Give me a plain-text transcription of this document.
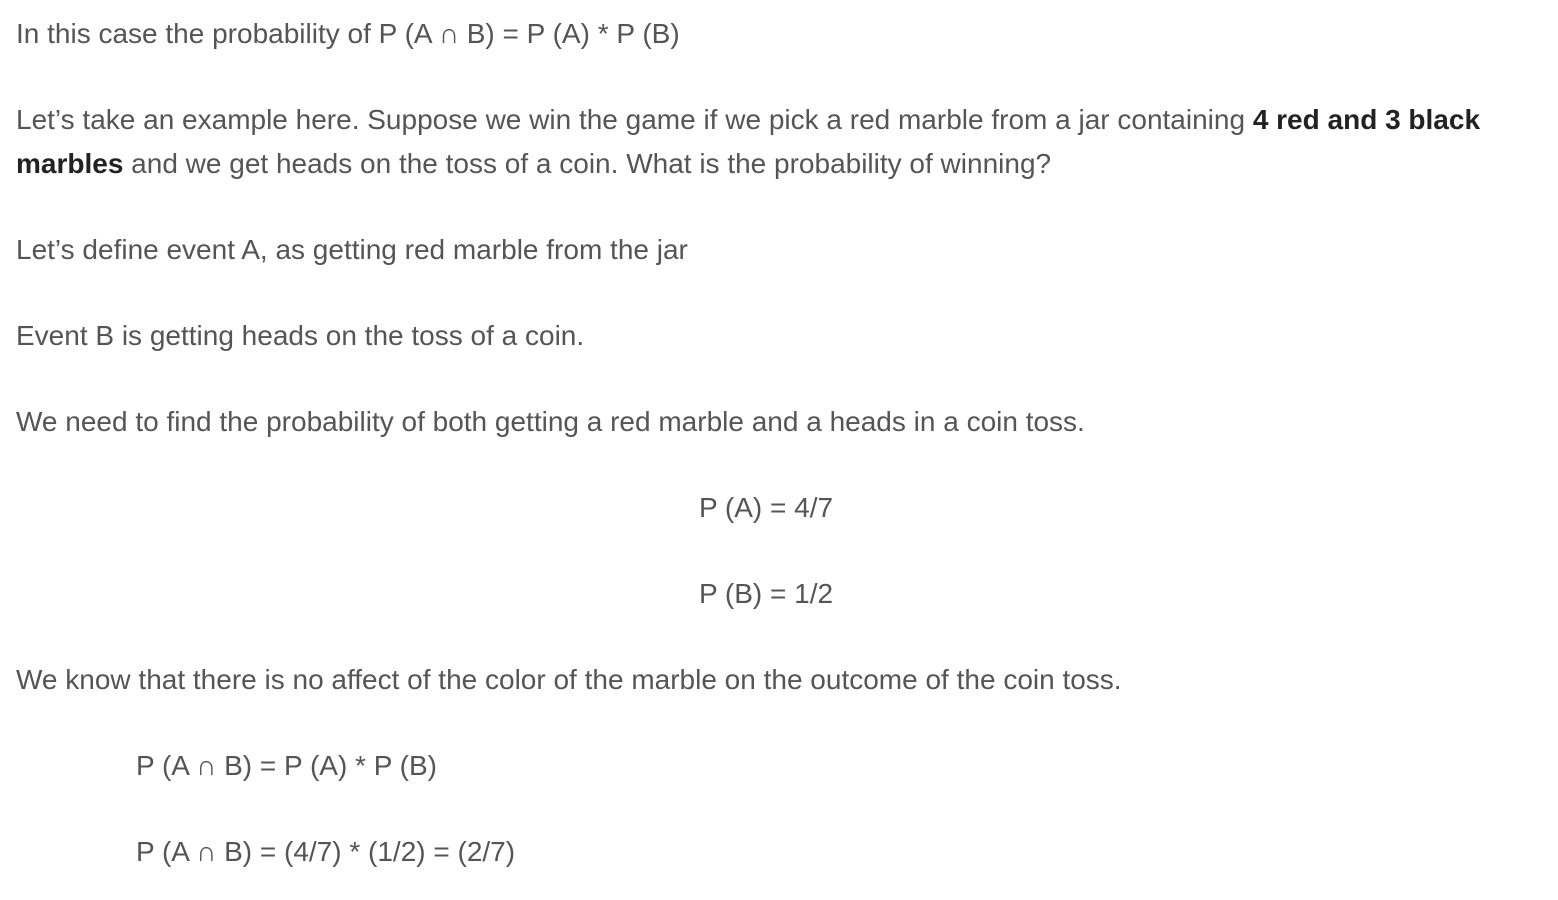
In this case the probability of P (A ∩ B) = P (A) * P (B)
Let’s take an example here. Suppose we win the game if we pick a red marble from a jar containing 4 red and 3 black marbles and we get heads on the toss of a coin. What is the probability of winning?
Let’s define event A, as getting red marble from the jar
Event B is getting heads on the toss of a coin.
We need to find the probability of both getting a red marble and a heads in a coin toss.
P (A) = 4/7
P (B) = 1/2
We know that there is no affect of the color of the marble on the outcome of the coin toss.
P (A ∩ B) = P (A) * P (B)
P (A ∩ B) = (4/7) * (1/2) = (2/7)
